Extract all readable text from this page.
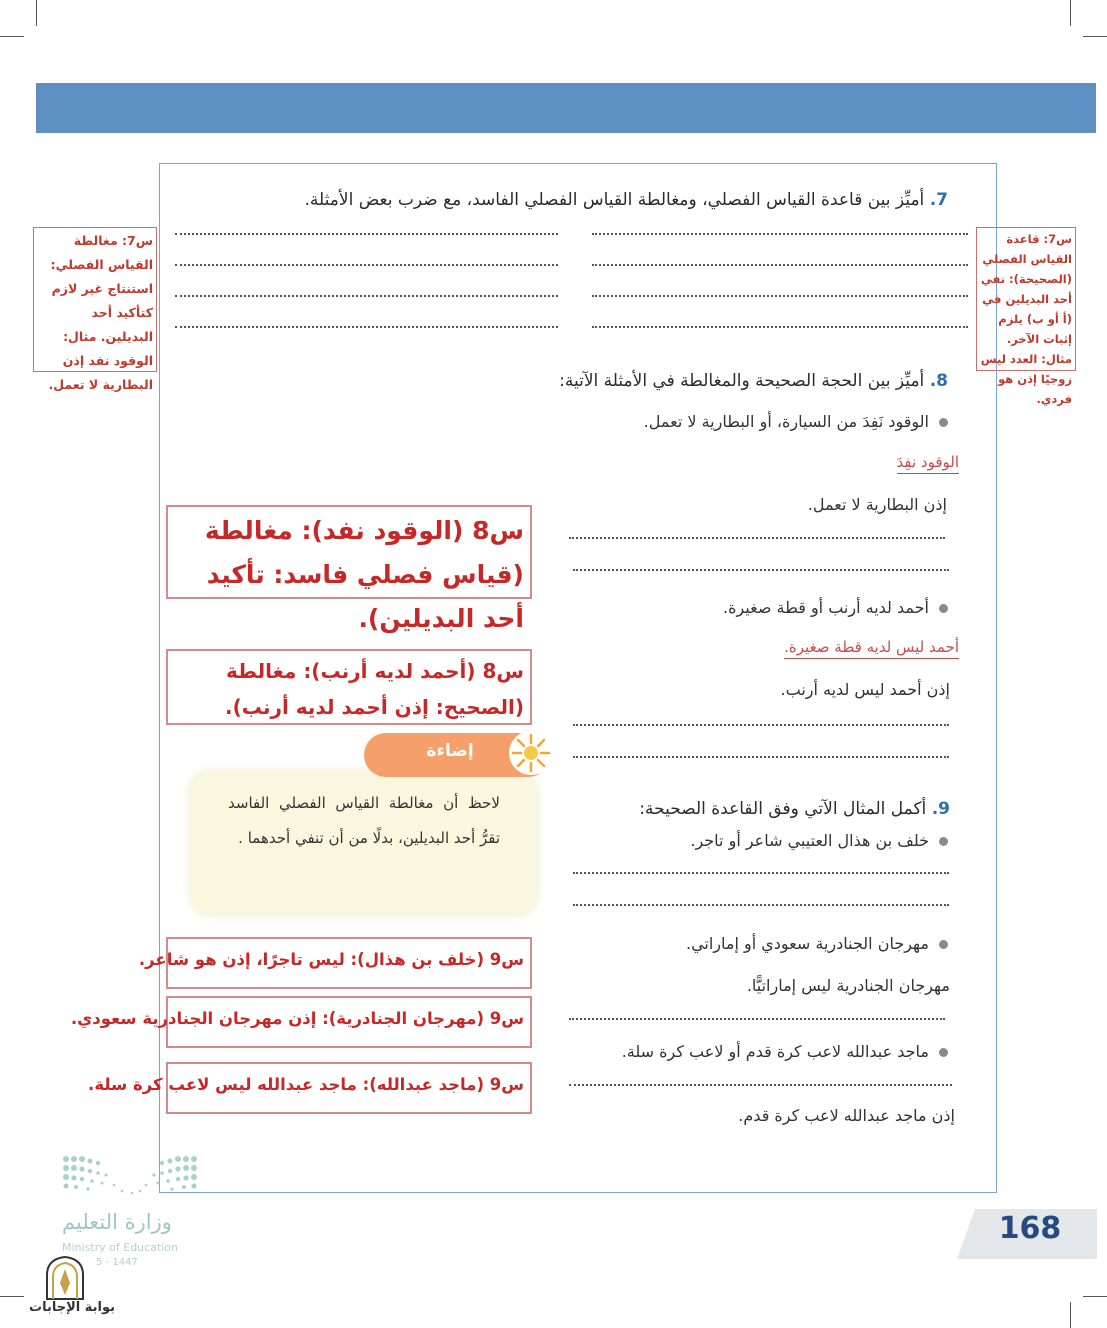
س7: قاعدة القياس الفصلي (الصحيحة): نفي أحد البديلين في (أ أو ب) يلزم إثبات الآخر. مثال: العدد ليس زوجيًا إذن هو فردي.
س7: مغالطة القياس الفصلي: استنتاج غير لازم كتأكيد أحد البديلين. مثال: الوقود نفد إذن البطارية لا تعمل.
7. أميِّز بين قاعدة القياس الفصلي، ومغالطة القياس الفصلي الفاسد، مع ضرب بعض الأمثلة.
8. أميِّز بين الحجة الصحيحة والمغالطة في الأمثلة الآتية:
الوقود نَفِدَ من السيارة، أو البطارية لا تعمل.
الوقود نفِدَ
إذن البطارية لا تعمل.
أحمد لديه أرنب أو قطة صغيرة.
أحمد ليس لديه قطة صغيرة.
إذن أحمد ليس لديه أرنب.
9. أكمل المثال الآتي وفق القاعدة الصحيحة:
خلف بن هذال العتيبي شاعر أو تاجر.
مهرجان الجنادرية سعودي أو إماراتي.
مهرجان الجنادرية ليس إماراتيًّا.
ماجد عبدالله لاعب كرة قدم أو لاعب كرة سلة.
إذن ماجد عبدالله لاعب كرة قدم.
س8 (الوقود نفد): مغالطة (قياس فصلي فاسد: تأكيد أحد البديلين).
س8 (أحمد لديه أرنب): مغالطة (الصحيح: إذن أحمد لديه أرنب).
س9 (خلف بن هذال): ليس تاجرًا، إذن هو شاعر.
س9 (مهرجان الجنادرية): إذن مهرجان الجنادرية سعودي.
س9 (ماجد عبدالله): ماجد عبدالله ليس لاعب كرة سلة.
إضاءة
لاحظ أن مغالطة القياس الفصلي الفاسد تقرُّ أحد البديلين، بدلًا من أن تنفي أحدهما .
وزارة التعليم
Ministry of Education
5 - 1447
بوابة الإجابات
168
